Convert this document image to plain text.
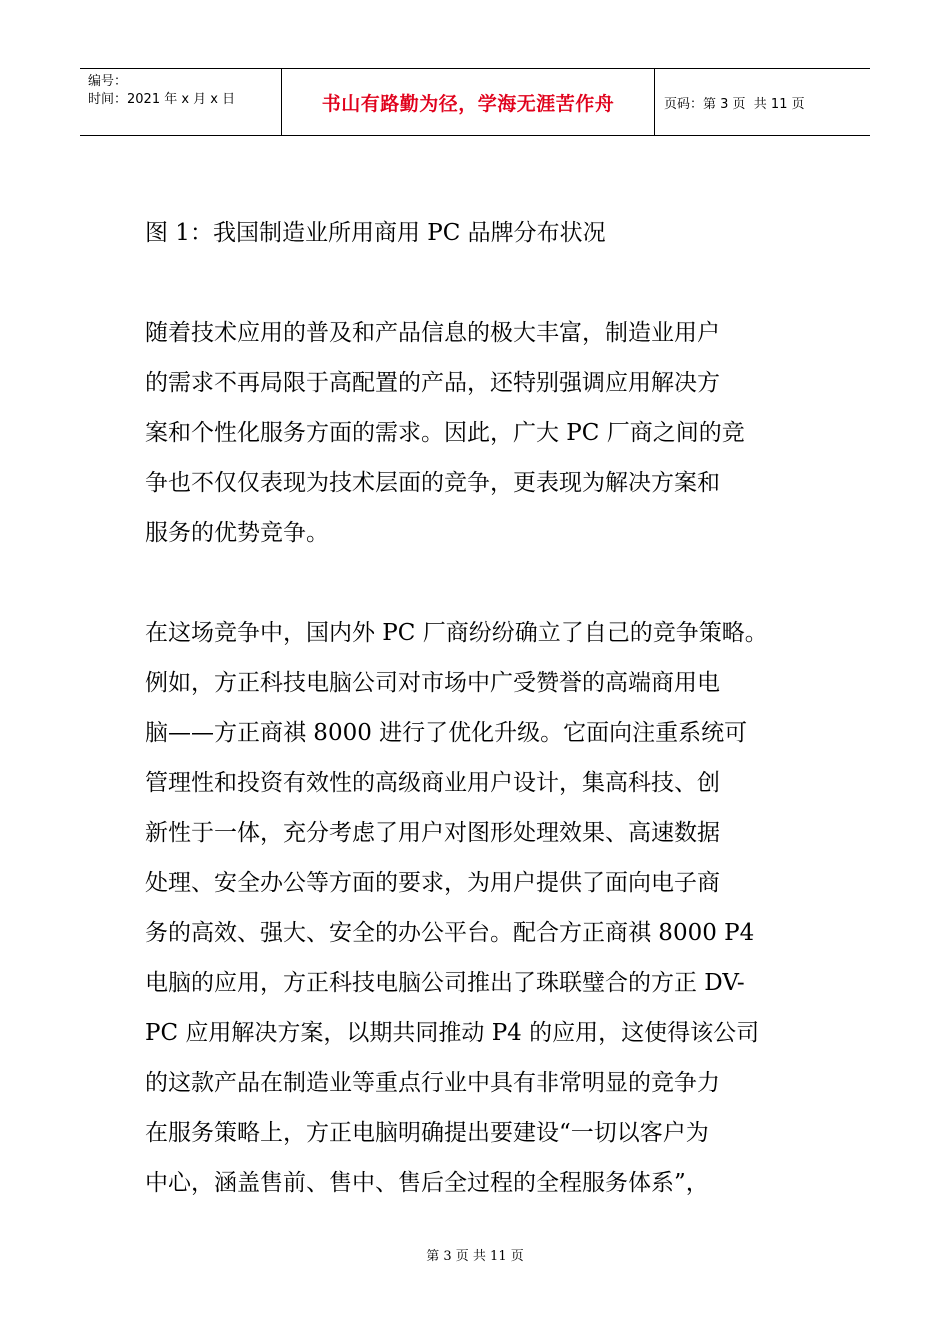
编号：
时间：2021 年 x 月 x 日	书山有路勤为径，学海无涯苦作舟	页码：第 3 页  共 11 页

图 1：我国制造业所用商用 PC 品牌分布状况

随着技术应用的普及和产品信息的极大丰富，制造业用户
的需求不再局限于高配置的产品，还特别强调应用解决方
案和个性化服务方面的需求。因此，广大 PC 厂商之间的竞
争也不仅仅表现为技术层面的竞争，更表现为解决方案和
服务的优势竞争。

在这场竞争中，国内外 PC 厂商纷纷确立了自己的竞争策略。
例如，方正科技电脑公司对市场中广受赞誉的高端商用电
脑——方正商祺 8000 进行了优化升级。它面向注重系统可
管理性和投资有效性的高级商业用户设计，集高科技、创
新性于一体，充分考虑了用户对图形处理效果、高速数据
处理、安全办公等方面的要求，为用户提供了面向电子商
务的高效、强大、安全的办公平台。配合方正商祺 8000 P4
电脑的应用，方正科技电脑公司推出了珠联璧合的方正 DV-
PC 应用解决方案，以期共同推动 P4 的应用，这使得该公司
的这款产品在制造业等重点行业中具有非常明显的竞争力
在服务策略上，方正电脑明确提出要建设“一切以客户为
中心，涵盖售前、售中、售后全过程的全程服务体系”，

第 3 页 共 11 页
